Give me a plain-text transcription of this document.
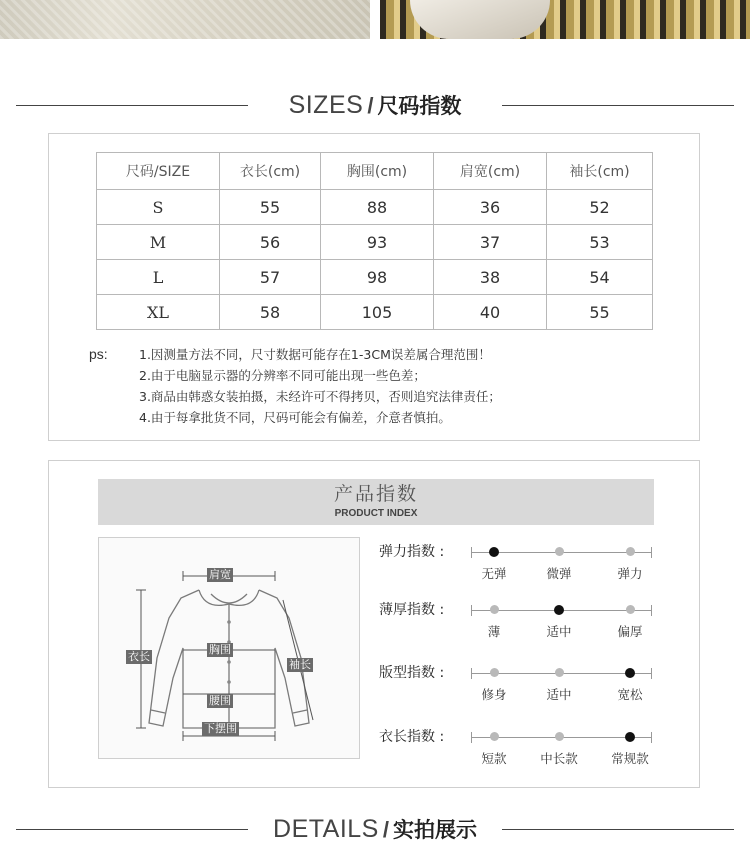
SIZES / 尺码指数
尺码/SIZE	衣长(cm)	胸围(cm)	肩宽(cm)	袖长(cm)
S	55	88	36	52
M	56	93	37	53
L	57	98	38	54
XL	58	105	40	55
ps:	1.因测量方法不同，尺寸数据可能存在1-3CM误差属合理范围！
2.由于电脑显示器的分辨率不同可能出现一些色差；
3.商品由韩惑女装拍摄，未经许可不得拷贝，否则追究法律责任；
4.由于每拿批货不同，尺码可能会有偏差，介意者慎拍。
产品指数
PRODUCT INDEX
肩宽
衣长
胸围
袖长
腰围
下摆围
弹力指数 :
无弹	微弹	弹力
薄厚指数 :
薄	适中	偏厚
版型指数 :
修身	适中	宽松
衣长指数 :
短款	中长款	常规款
DETAILS / 实拍展示
